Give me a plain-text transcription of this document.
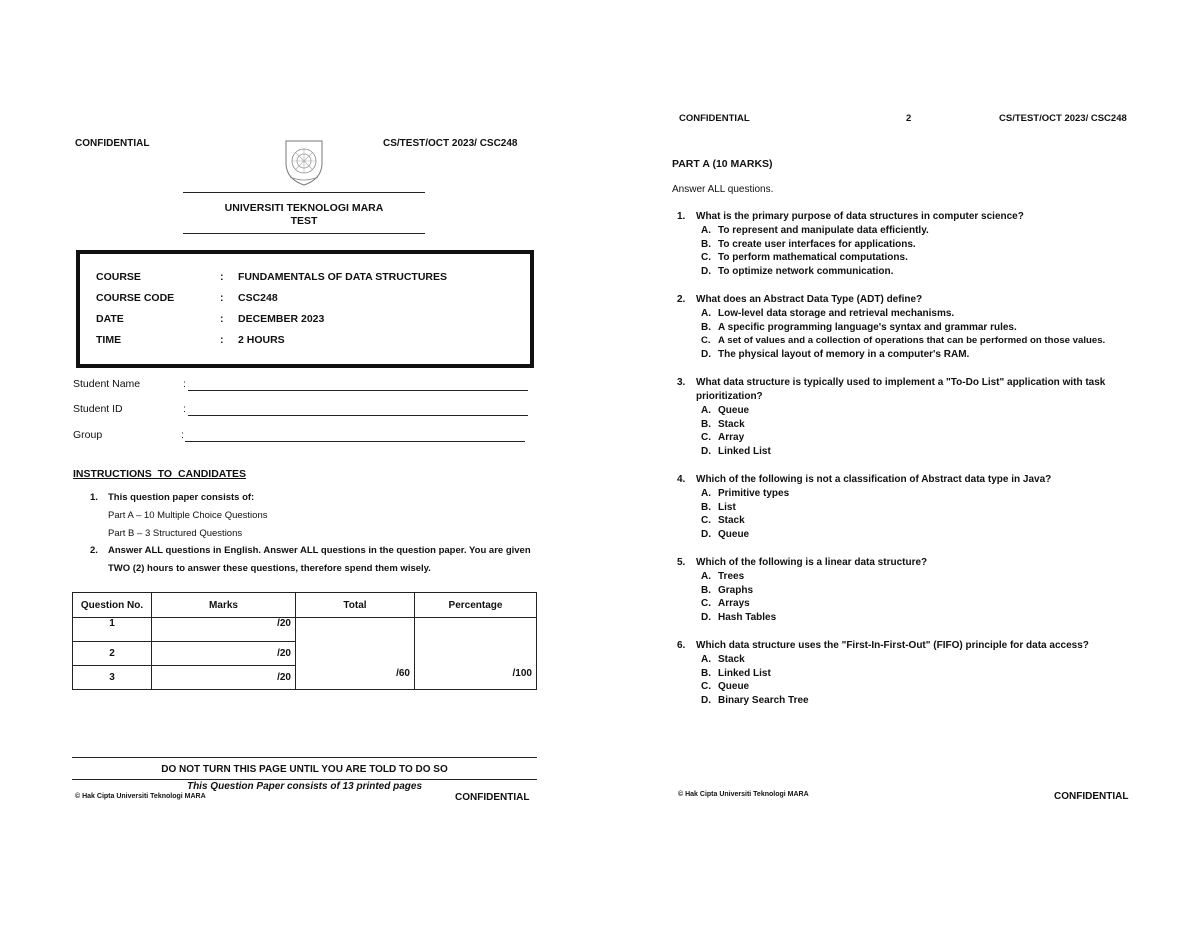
CONFIDENTIAL	CS/TEST/OCT 2023/ CSC248
UNIVERSITI TEKNOLOGI MARA
TEST
COURSE	: FUNDAMENTALS OF DATA STRUCTURES
COURSE CODE	: CSC248
DATE	: DECEMBER 2023
TIME	: 2 HOURS
Student Name	:
Student ID	:
Group	:
INSTRUCTIONS TO CANDIDATES
1. This question paper consists of:
Part A – 10 Multiple Choice Questions
Part B – 3 Structured Questions
2. Answer ALL questions in English. Answer ALL questions in the question paper. You are given
TWO (2) hours to answer these questions, therefore spend them wisely.
Question No.	Marks	Total	Percentage
1	/20	/60	/100
2	/20		
3	/20		
DO NOT TURN THIS PAGE UNTIL YOU ARE TOLD TO DO SO
This Question Paper consists of 13 printed pages
© Hak Cipta Universiti Teknologi MARA	CONFIDENTIAL
CONFIDENTIAL	2	CS/TEST/OCT 2023/ CSC248
PART A (10 MARKS)
Answer ALL questions.
1. What is the primary purpose of data structures in computer science?
A. To represent and manipulate data efficiently.
B. To create user interfaces for applications.
C. To perform mathematical computations.
D. To optimize network communication.
2. What does an Abstract Data Type (ADT) define?
A. Low-level data storage and retrieval mechanisms.
B. A specific programming language's syntax and grammar rules.
C. A set of values and a collection of operations that can be performed on those values.
D. The physical layout of memory in a computer's RAM.
3. What data structure is typically used to implement a "To-Do List" application with task prioritization?
A. Queue
B. Stack
C. Array
D. Linked List
4. Which of the following is not a classification of Abstract data type in Java?
A. Primitive types
B. List
C. Stack
D. Queue
5. Which of the following is a linear data structure?
A. Trees
B. Graphs
C. Arrays
D. Hash Tables
6. Which data structure uses the "First-In-First-Out" (FIFO) principle for data access?
A. Stack
B. Linked List
C. Queue
D. Binary Search Tree
© Hak Cipta Universiti Teknologi MARA	CONFIDENTIAL
